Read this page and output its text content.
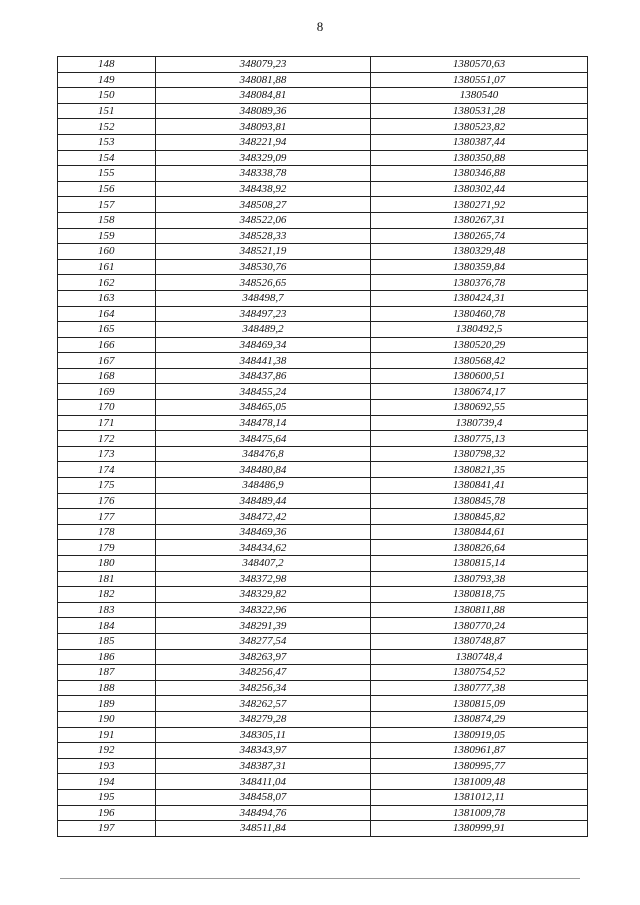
8
148	348079,23	1380570,63
149	348081,88	1380551,07
150	348084,81	1380540
151	348089,36	1380531,28
152	348093,81	1380523,82
153	348221,94	1380387,44
154	348329,09	1380350,88
155	348338,78	1380346,88
156	348438,92	1380302,44
157	348508,27	1380271,92
158	348522,06	1380267,31
159	348528,33	1380265,74
160	348521,19	1380329,48
161	348530,76	1380359,84
162	348526,65	1380376,78
163	348498,7	1380424,31
164	348497,23	1380460,78
165	348489,2	1380492,5
166	348469,34	1380520,29
167	348441,38	1380568,42
168	348437,86	1380600,51
169	348455,24	1380674,17
170	348465,05	1380692,55
171	348478,14	1380739,4
172	348475,64	1380775,13
173	348476,8	1380798,32
174	348480,84	1380821,35
175	348486,9	1380841,41
176	348489,44	1380845,78
177	348472,42	1380845,82
178	348469,36	1380844,61
179	348434,62	1380826,64
180	348407,2	1380815,14
181	348372,98	1380793,38
182	348329,82	1380818,75
183	348322,96	1380811,88
184	348291,39	1380770,24
185	348277,54	1380748,87
186	348263,97	1380748,4
187	348256,47	1380754,52
188	348256,34	1380777,38
189	348262,57	1380815,09
190	348279,28	1380874,29
191	348305,11	1380919,05
192	348343,97	1380961,87
193	348387,31	1380995,77
194	348411,04	1381009,48
195	348458,07	1381012,11
196	348494,76	1381009,78
197	348511,84	1380999,91
